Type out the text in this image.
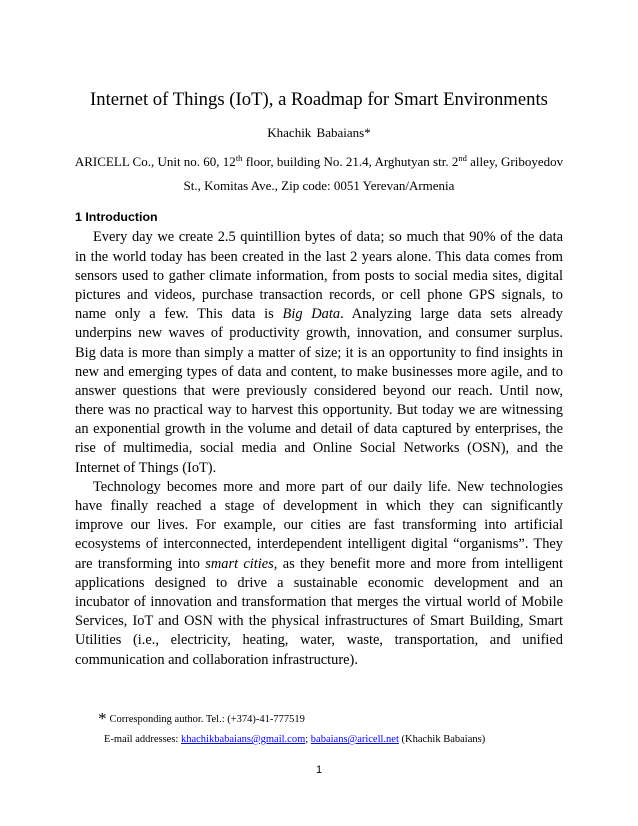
Internet of Things (IoT), a Roadmap for Smart Environments
Khachik Babaians*
ARICELL Co., Unit no. 60, 12th floor, building No. 21.4, Arghutyan str. 2nd alley, Griboyedov
St., Komitas Ave., Zip code: 0051 Yerevan/Armenia
1 Introduction
Every day we create 2.5 quintillion bytes of data; so much that 90% of the data
in the world today has been created in the last 2 years alone. This data comes from
sensors used to gather climate information, from posts to social media sites, digital
pictures and videos, purchase transaction records, or cell phone GPS signals, to
name only a few. This data is Big Data. Analyzing large data sets already
underpins new waves of productivity growth, innovation, and consumer surplus.
Big data is more than simply a matter of size; it is an opportunity to find insights in
new and emerging types of data and content, to make businesses more agile, and to
answer questions that were previously considered beyond our reach. Until now,
there was no practical way to harvest this opportunity. But today we are witnessing
an exponential growth in the volume and detail of data captured by enterprises, the
rise of multimedia, social media and Online Social Networks (OSN), and the
Internet of Things (IoT).
Technology becomes more and more part of our daily life. New technologies
have finally reached a stage of development in which they can significantly
improve our lives. For example, our cities are fast transforming into artificial
ecosystems of interconnected, interdependent intelligent digital “organisms”. They
are transforming into smart cities, as they benefit more and more from intelligent
applications designed to drive a sustainable economic development and an
incubator of innovation and transformation that merges the virtual world of Mobile
Services, IoT and OSN with the physical infrastructures of Smart Building, Smart
Utilities (i.e., electricity, heating, water, waste, transportation, and unified
communication and collaboration infrastructure).
* Corresponding author. Tel.: (+374)-41-777519
E-mail addresses: khachikbabaians@gmail.com; babaians@aricell.net (Khachik Babaians)
1
